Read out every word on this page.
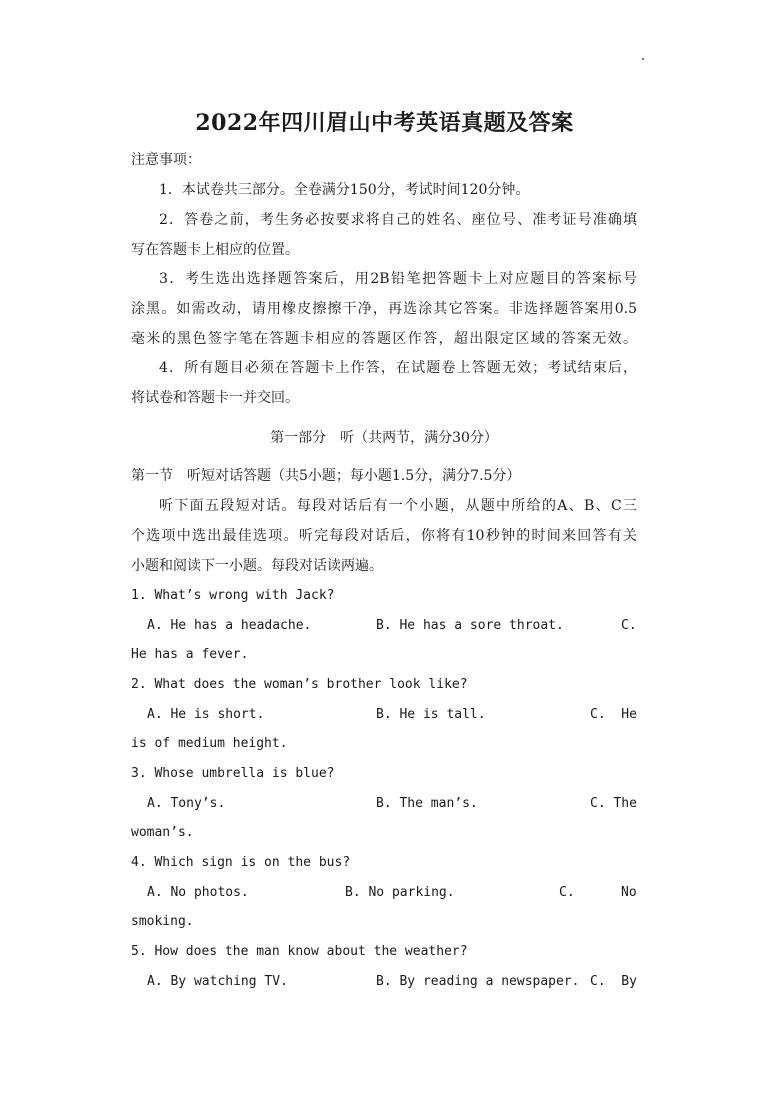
2022年四川眉山中考英语真题及答案
注意事项：
1．本试卷共三部分。全卷满分150分，考试时间120分钟。
2．答卷之前，考生务必按要求将自己的姓名、座位号、准考证号准确填
写在答题卡上相应的位置。
3．考生选出选择题答案后，用2B铅笔把答题卡上对应题目的答案标号
涂黑。如需改动，请用橡皮擦擦干净，再选涂其它答案。非选择题答案用0.5
毫米的黑色签字笔在答题卡相应的答题区作答，超出限定区域的答案无效。
4．所有题目必须在答题卡上作答，在试题卷上答题无效；考试结束后，
将试卷和答题卡一并交回。
第一部分　听（共两节，满分30分）
第一节　听短对话答题（共5小题；每小题1.5分，满分7.5分）
听下面五段短对话。每段对话后有一个小题，从题中所给的A、B、C三
个选项中选出最佳选项。听完每段对话后，你将有10秒钟的时间来回答有关
小题和阅读下一小题。每段对话读两遍。
1. What’s wrong with Jack?
A. He has a headache.	B. He has a sore throat.	C.
He has a fever.
2. What does the woman’s brother look like?
A. He is short.	B. He is tall.	C.  He
is of medium height.
3. Whose umbrella is blue?
A. Tony’s.	B. The man’s.	C. The
woman’s.
4. Which sign is on the bus?
A. No photos.	B. No parking.	C.	No
smoking.
5. How does the man know about the weather?
A. By watching TV.	B. By reading a newspaper. C.  By
